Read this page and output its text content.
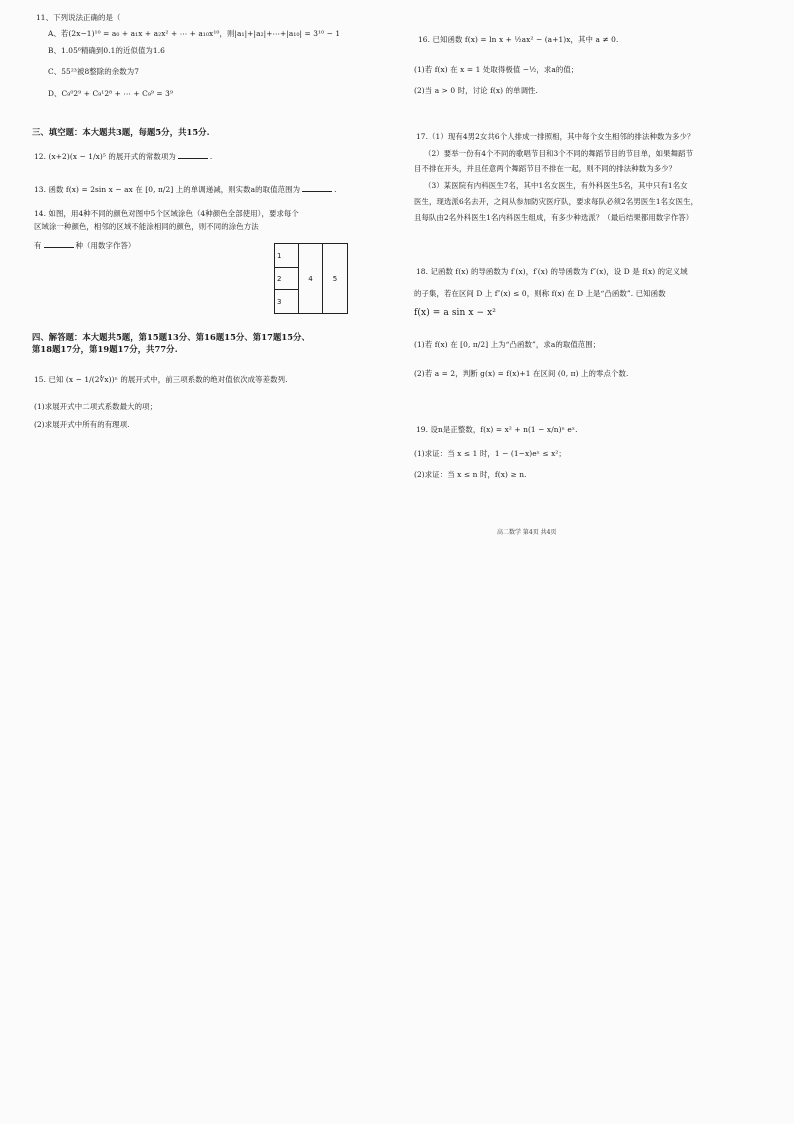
11、下列说法正确的是（
A、若(2x−1)¹⁰ = a₀ + a₁x + a₂x² + ⋯ + a₁₀x¹⁰，则|a₁|+|a₂|+⋯+|a₁₀| = 3¹⁰ − 1
B、1.05⁶精确到0.1的近似值为1.6
C、55²³被8整除的余数为7
D、C₉⁰2⁹ + C₉¹2⁸ + ⋯ + C₉⁹ = 3⁹
三、填空题：本大题共3题，每题5分，共15分.
12. (x+2)(x − 1/x)⁵ 的展开式的常数项为	.
13. 函数 f(x) = 2sin x − ax 在 [0, π/2] 上的单调递减，则实数a的取值范围为	.
14. 如图，用4种不同的颜色对图中5个区域涂色（4种颜色全部使用），要求每个
区域涂一种颜色，相邻的区域不能涂相同的颜色，则不同的涂色方法
有	种（用数字作答）
四、解答题：本大题共5题，第15题13分、第16题15分、第17题15分、
第18题17分，第19题17分，共77分.
15. 已知 (x − 1/(2∜x))ⁿ 的展开式中，前三项系数的绝对值依次成等差数列.
(1)求展开式中二项式系数最大的项；
(2)求展开式中所有的有理项.
1
2
3
4	5
16. 已知函数 f(x) = ln x + ½ax² − (a+1)x，其中 a ≠ 0.
(1)若 f(x) 在 x = 1 处取得极值 −½，求a的值；
(2)当 a > 0 时，讨论 f(x) 的单调性.
17.（1）现有4男2女共6个人排成一排照相，其中每个女生相邻的排法种数为多少？
（2）要举一份有4个不同的歌唱节目和3个不同的舞蹈节目的节目单，如果舞蹈节
目不排在开头，并且任意两个舞蹈节目不排在一起，则不同的排法种数为多少？
（3）某医院有内科医生7名，其中1名女医生，有外科医生5名，其中只有1名女
医生，现选派6名去开，之间从参加防灾医疗队，要求每队必须2名男医生1名女医生，
且每队由2名外科医生1名内科医生组成，有多少种选派？（最后结果都用数字作答）
18. 记函数 f(x) 的导函数为 f′(x)，f′(x) 的导函数为 f″(x)，设 D 是 f(x) 的定义域
的子集，若在区间 D 上 f″(x) ≤ 0，则称 f(x) 在 D 上是“凸函数”. 已知函数
f(x) = a sin x − x²
(1)若 f(x) 在 [0, π/2] 上为“凸函数”，求a的取值范围；
(2)若 a = 2，判断 g(x) = f(x)+1 在区间 (0, π) 上的零点个数.
19. 设n是正整数，f(x) = x² + n(1 − x/n)ⁿ eˣ.
(1)求证：当 x ≤ 1 时，1 − (1−x)eˣ ≤ x²；
(2)求证：当 x ≤ n 时，f(x) ≥ n.
高二数学 第4页 共4页
